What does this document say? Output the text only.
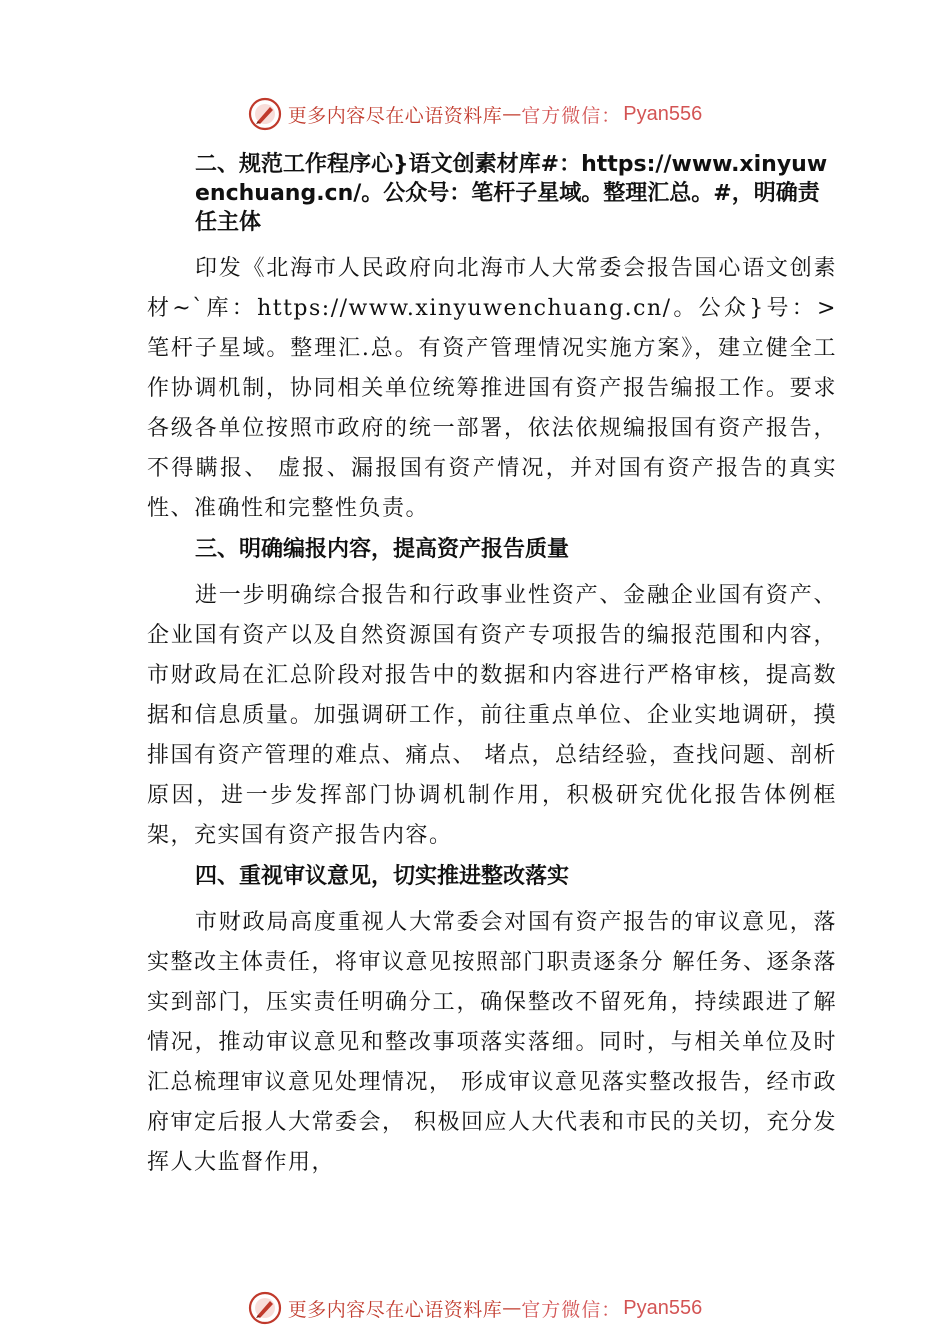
更多内容尽在心语资料库 — 官方微信： Pyan556

二、规范工作程序心}语文创素材库#：https://www.xinyuwenchuang.cn/。公众号：笔杆子星域。整理汇总。#，明确责任主体

印发《北海市人民政府向北海市人大常委会报告国心语文创素材~`库：https://www.xinyuwenchuang.cn/。公众}号：>笔杆子星域。整理汇.总。有资产管理情况实施方案》，建立健全工作协调机制，协同相关单位统筹推进国有资产报告编报工作。要求各级各单位按照市政府的统一部署，依法依规编报国有资产报告，不得瞒报、 虚报、漏报国有资产情况，并对国有资产报告的真实性、准确性和完整性负责。

三、明确编报内容，提高资产报告质量

进一步明确综合报告和行政事业性资产、金融企业国有资产、企业国有资产以及自然资源国有资产专项报告的编报范围和内容，市财政局在汇总阶段对报告中的数据和内容进行严格审核，提高数据和信息质量。加强调研工作，前往重点单位、企业实地调研，摸排国有资产管理的难点、痛点、 堵点，总结经验，查找问题、剖析原因，进一步发挥部门协调机制作用，积极研究优化报告体例框架，充实国有资产报告内容。

四、重视审议意见，切实推进整改落实

市财政局高度重视人大常委会对国有资产报告的审议意见，落实整改主体责任，将审议意见按照部门职责逐条分 解任务、逐条落实到部门，压实责任明确分工，确保整改不留死角，持续跟进了解情况，推动审议意见和整改事项落实落细。同时，与相关单位及时汇总梳理审议意见处理情况， 形成审议意见落实整改报告，经市政府审定后报人大常委会， 积极回应人大代表和市民的关切，充分发挥人大监督作用，

更多内容尽在心语资料库 — 官方微信： Pyan556
